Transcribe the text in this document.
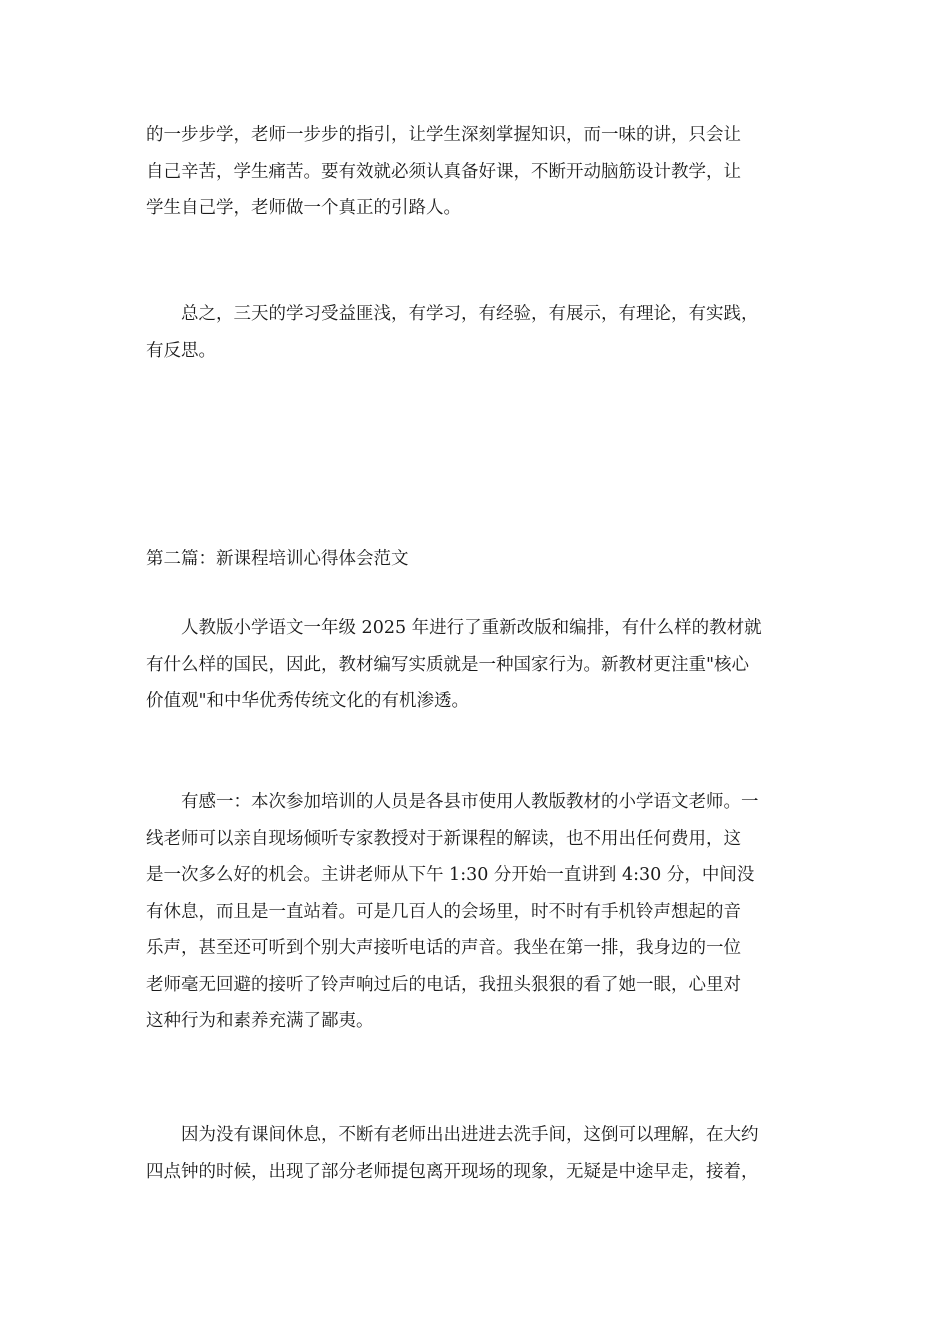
的一步步学，老师一步步的指引，让学生深刻掌握知识，而一味的讲，只会让
自己辛苦，学生痛苦。要有效就必须认真备好课，不断开动脑筋设计教学，让
学生自己学，老师做一个真正的引路人。
总之，三天的学习受益匪浅，有学习，有经验，有展示，有理论，有实践，
有反思。
第二篇：新课程培训心得体会范文
人教版小学语文一年级 2025 年进行了重新改版和编排，有什么样的教材就
有什么样的国民，因此，教材编写实质就是一种国家行为。新教材更注重"核心
价值观"和中华优秀传统文化的有机渗透。
有感一：本次参加培训的人员是各县市使用人教版教材的小学语文老师。一
线老师可以亲自现场倾听专家教授对于新课程的解读，也不用出任何费用，这
是一次多么好的机会。主讲老师从下午 1:30 分开始一直讲到 4:30 分，中间没
有休息，而且是一直站着。可是几百人的会场里，时不时有手机铃声想起的音
乐声，甚至还可听到个别大声接听电话的声音。我坐在第一排，我身边的一位
老师毫无回避的接听了铃声响过后的电话，我扭头狠狠的看了她一眼，心里对
这种行为和素养充满了鄙夷。
因为没有课间休息，不断有老师出出进进去洗手间，这倒可以理解，在大约
四点钟的时候，出现了部分老师提包离开现场的现象，无疑是中途早走，接着，
